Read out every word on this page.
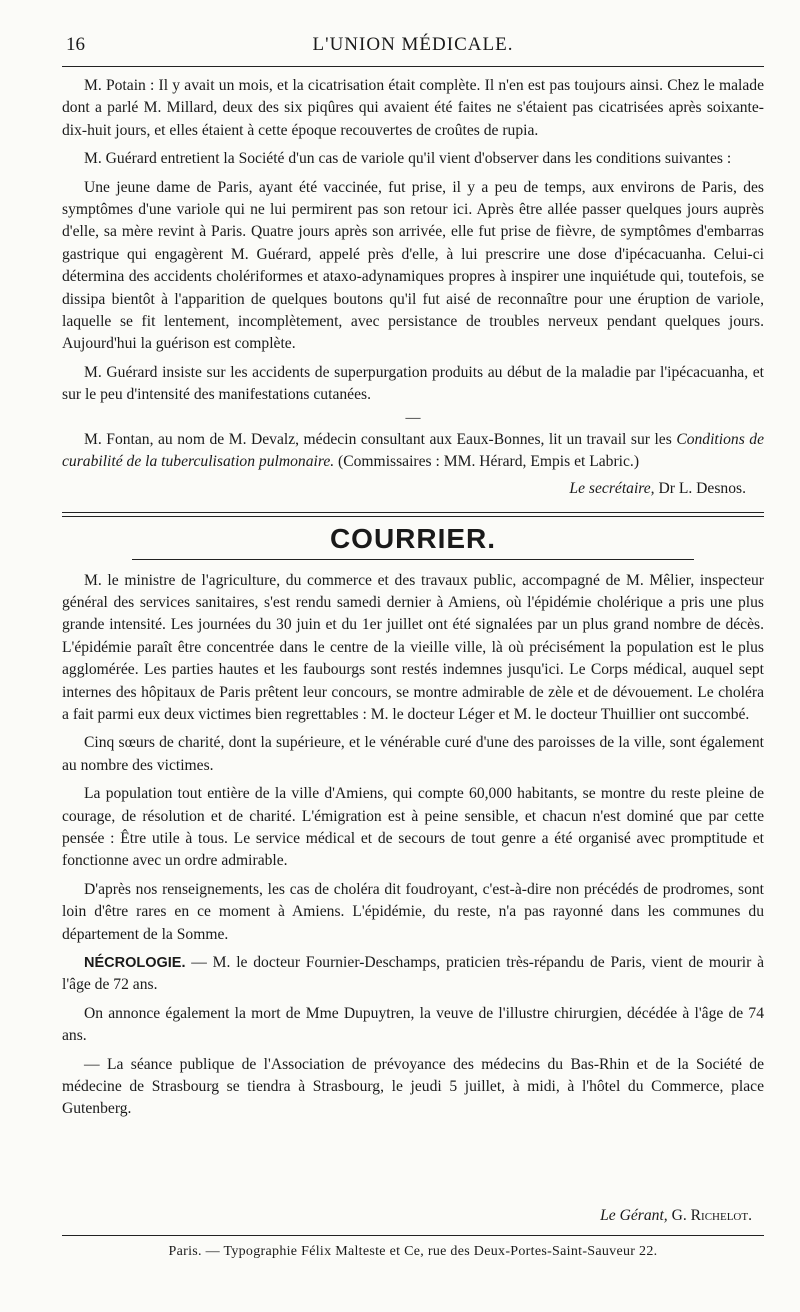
16	L'UNION MÉDICALE.

M. Potain : Il y avait un mois, et la cicatrisation était complète. Il n'en est pas toujours ainsi. Chez le malade dont a parlé M. Millard, deux des six piqûres qui avaient été faites ne s'étaient pas cicatrisées après soixante-dix-huit jours, et elles étaient à cette époque recouvertes de croûtes de rupia.

M. Guérard entretient la Société d'un cas de variole qu'il vient d'observer dans les conditions suivantes :

Une jeune dame de Paris, ayant été vaccinée, fut prise, il y a peu de temps, aux environs de Paris, des symptômes d'une variole qui ne lui permirent pas son retour ici. Après être allée passer quelques jours auprès d'elle, sa mère revint à Paris. Quatre jours après son arrivée, elle fut prise de fièvre, de symptômes d'embarras gastrique qui engagèrent M. Guérard, appelé près d'elle, à lui prescrire une dose d'ipécacuanha. Celui-ci détermina des accidents cholériformes et ataxo-adynamiques propres à inspirer une inquiétude qui, toutefois, se dissipa bientôt à l'apparition de quelques boutons qu'il fut aisé de reconnaître pour une éruption de variole, laquelle se fit lentement, incomplètement, avec persistance de troubles nerveux pendant quelques jours. Aujourd'hui la guérison est complète.

M. Guérard insiste sur les accidents de superpurgation produits au début de la maladie par l'ipécacuanha, et sur le peu d'intensité des manifestations cutanées.

—

M. Fontan, au nom de M. Devalz, médecin consultant aux Eaux-Bonnes, lit un travail sur les Conditions de curabilité de la tuberculisation pulmonaire. (Commissaires : MM. Hérard, Empis et Labric.)

Le secrétaire, Dr L. Desnos.
COURRIER.

M. le ministre de l'agriculture, du commerce et des travaux public, accompagné de M. Mêlier, inspecteur général des services sanitaires, s'est rendu samedi dernier à Amiens, où l'épidémie cholérique a pris une plus grande intensité. Les journées du 30 juin et du 1er juillet ont été signalées par un plus grand nombre de décès. L'épidémie paraît être concentrée dans le centre de la vieille ville, là où précisément la population est le plus agglomérée. Les parties hautes et les faubourgs sont restés indemnes jusqu'ici. Le Corps médical, auquel sept internes des hôpitaux de Paris prêtent leur concours, se montre admirable de zèle et de dévouement. Le choléra a fait parmi eux deux victimes bien regrettables : M. le docteur Léger et M. le docteur Thuillier ont succombé.

Cinq sœurs de charité, dont la supérieure, et le vénérable curé d'une des paroisses de la ville, sont également au nombre des victimes.

La population tout entière de la ville d'Amiens, qui compte 60,000 habitants, se montre du reste pleine de courage, de résolution et de charité. L'émigration est à peine sensible, et chacun n'est dominé que par cette pensée : Être utile à tous. Le service médical et de secours de tout genre a été organisé avec promptitude et fonctionne avec un ordre admirable.

D'après nos renseignements, les cas de choléra dit foudroyant, c'est-à-dire non précédés de prodromes, sont loin d'être rares en ce moment à Amiens. L'épidémie, du reste, n'a pas rayonné dans les communes du département de la Somme.

NÉCROLOGIE. — M. le docteur Fournier-Deschamps, praticien très-répandu de Paris, vient de mourir à l'âge de 72 ans.

On annonce également la mort de Mme Dupuytren, la veuve de l'illustre chirurgien, décédée à l'âge de 74 ans.

— La séance publique de l'Association de prévoyance des médecins du Bas-Rhin et de la Société de médecine de Strasbourg se tiendra à Strasbourg, le jeudi 5 juillet, à midi, à l'hôtel du Commerce, place Gutenberg.

Le Gérant, G. Richelot.
Paris. — Typographie Félix Malteste et Ce, rue des Deux-Portes-Saint-Sauveur 22.
